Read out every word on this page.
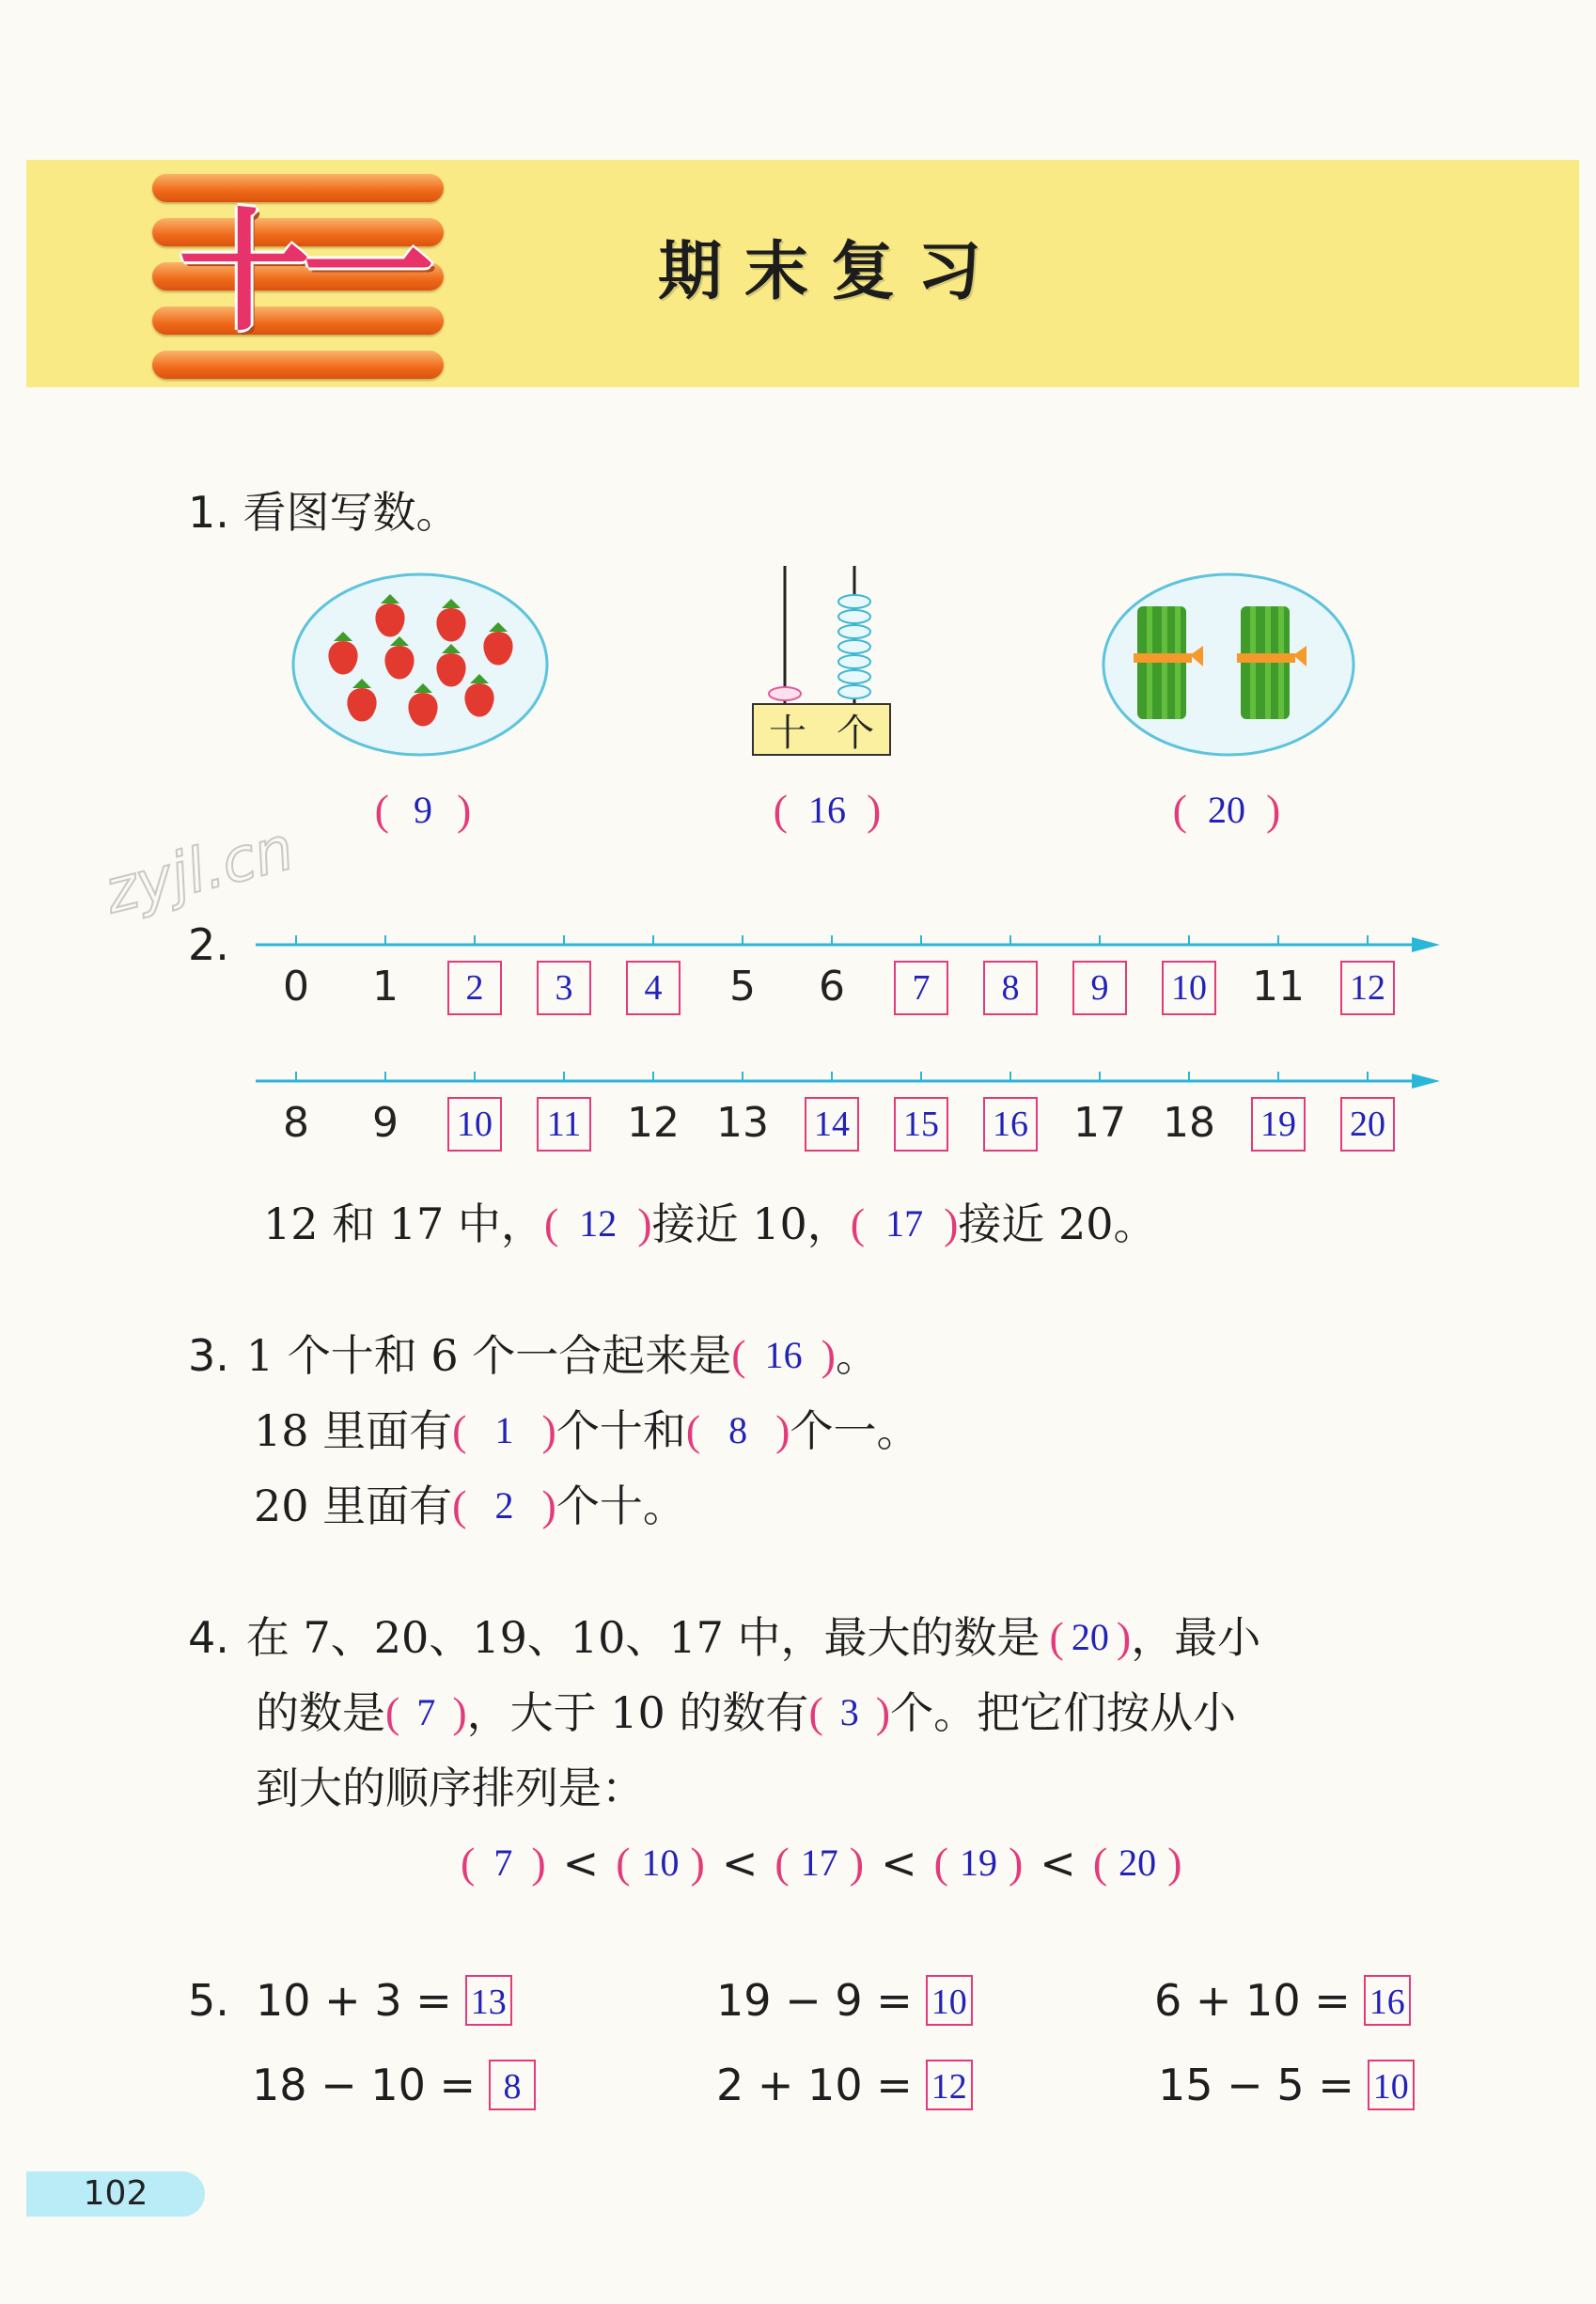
zyjl.cn
十一	期末复习
1. 看图写数。
十 个
( 9 )	( 16 )	( 20 )
2.
0	1	2	3	4	5	6	7	8	9	10 11	12
8	9	10 11 12 13	14 15 16 17 18	19 20
12 和 17 中， ( 12 ) 接近 10， ( 17 ) 接近 20。
3. 1 个十和 6 个一合起来是 ( 16 ) 。
18 里面有 ( 1 ) 个十和 ( 8 ) 个一。
20 里面有 ( 2 ) 个十。
4. 在 7、20、19、10、17 中，最大的数是 ( 20 ) ，最小
的数是 ( 7 ) ，大于 10 的数有 ( 3 ) 个。把它们按从小
到大的顺序排列是：
( 7 ) < ( 10 ) < ( 17 ) < ( 19 ) < ( 20 )
5. 10 + 3 = 13	19 − 9 = 10	6 + 10 = 16
18 − 10 = 8	2 + 10 = 12	15 − 5 = 10
102
